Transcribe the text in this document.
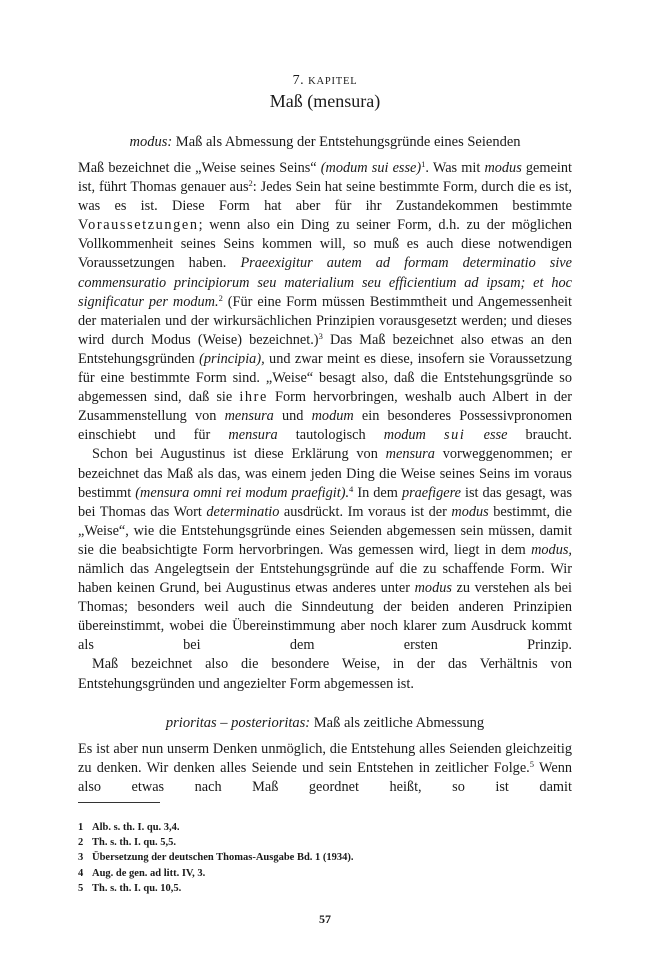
7. KAPITEL
Maß (mensura)
modus: Maß als Abmessung der Entstehungsgründe eines Seienden

Maß bezeichnet die „Weise seines Seins“ (modum sui esse)$^1$. Was mit modus gemeint ist, führt Thomas genauer aus$^2$: Jedes Sein hat seine bestimmte Form, durch die es ist, was es ist. Diese Form hat aber für ihr Zustandekommen bestimmte Voraussetzungen; wenn also ein Ding zu seiner Form, d.h. zu der möglichen Vollkommenheit seines Seins kommen will, so muß es auch diese notwendigen Voraussetzungen haben. Praeexigitur autem ad formam determinatio sive commensuratio principiorum seu materialium seu efficientium ad ipsam; et hoc significatur per modum.$^2$ (Für eine Form müssen Bestimmtheit und Angemessenheit der materialen und der wirkursächlichen Prinzipien vorausgesetzt werden; und dieses wird durch Modus (Weise) bezeichnet.)$^3$ Das Maß bezeichnet also etwas an den Entstehungsgründen (principia), und zwar meint es diese, insofern sie Voraussetzung für eine bestimmte Form sind. „Weise“ besagt also, daß die Entstehungsgründe so abgemessen sind, daß sie ihre Form hervorbringen, weshalb auch Albert in der Zusammenstellung von mensura und modum ein besonderes Possessivpronomen einschiebt und für mensura tautologisch modum sui esse braucht.

Schon bei Augustinus ist diese Erklärung von mensura vorweggenommen; er bezeichnet das Maß als das, was einem jeden Ding die Weise seines Seins im voraus bestimmt (mensura omni rei modum praefigit).$^4$ In dem praefigere ist das gesagt, was bei Thomas das Wort determinatio ausdrückt. Im voraus ist der modus bestimmt, die „Weise“, wie die Entstehungsgründe eines Seienden abgemessen sein müssen, damit sie die beabsichtigte Form hervorbringen. Was gemessen wird, liegt in dem modus, nämlich das Angelegtsein der Entstehungsgründe auf die zu schaffende Form. Wir haben keinen Grund, bei Augustinus etwas anderes unter modus zu verstehen als bei Thomas; besonders weil auch die Sinndeutung der beiden anderen Prinzipien übereinstimmt, wobei die Übereinstimmung aber noch klarer zum Ausdruck kommt als bei dem ersten Prinzip.

Maß bezeichnet also die besondere Weise, in der das Verhältnis von Entstehungsgründen und angezielter Form abgemessen ist.

prioritas – posterioritas: Maß als zeitliche Abmessung

Es ist aber nun unserm Denken unmöglich, die Entstehung alles Seienden gleichzeitig zu denken. Wir denken alles Seiende und sein Entstehen in zeitlicher Folge.$^5$ Wenn also etwas nach Maß geordnet heißt, so ist damit

1 Alb. s. th. I. qu. 3,4.
2 Th. s. th. I. qu. 5,5.
3 Übersetzung der deutschen Thomas-Ausgabe Bd. 1 (1934).
4 Aug. de gen. ad litt. IV, 3.
5 Th. s. th. I. qu. 10,5.
57
